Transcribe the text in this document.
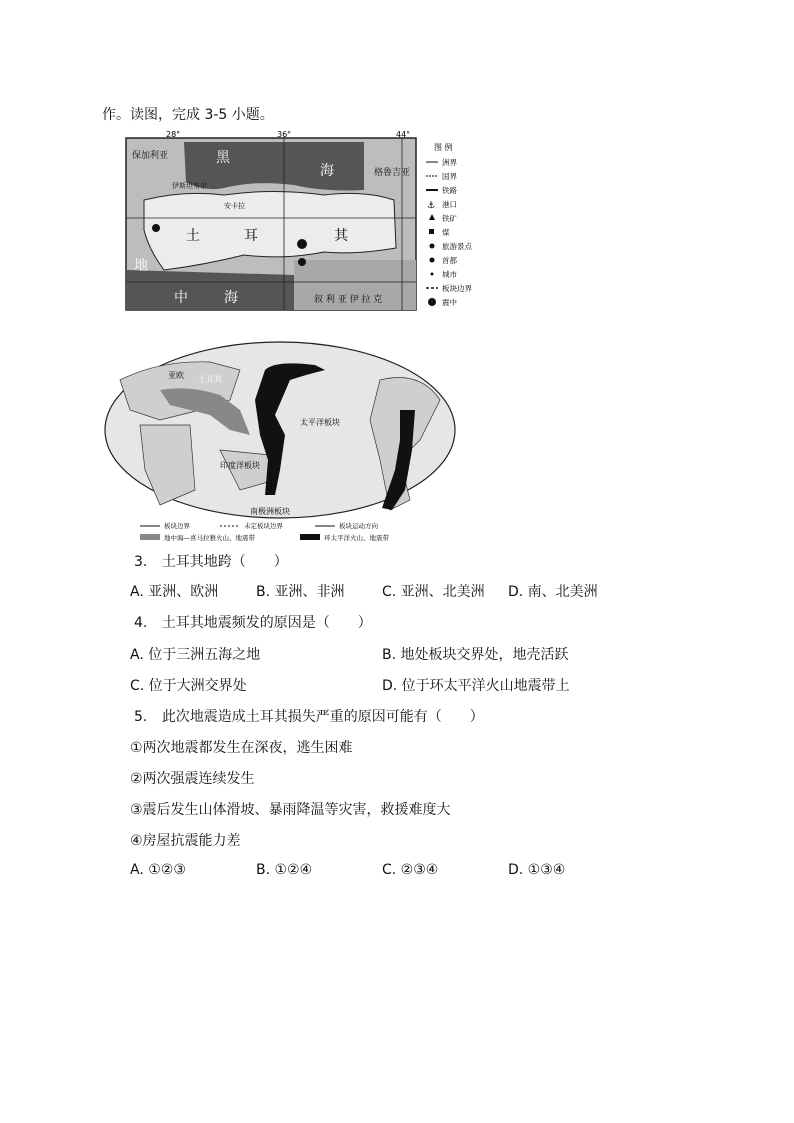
作。读图，完成 3-5 小题。
28°	36°	44°
保加利亚	黑
海	格鲁吉亚
土	耳	其
地
中	海	叙 利 亚 伊 拉 克
伊斯坦布尔
安卡拉
图 例
洲界
国界
铁路
港口
铁矿
煤
旅游景点
首都
城市
板块边界
震中
⚓
亚欧 土耳其
太平洋板块
印度洋板块
南极洲板块
板块边界	未定板块边界	板块运动方向
地中海—喜马拉雅火山、地震带	环太平洋火山、地震带
3. 土耳其地跨（　　）
A. 亚洲、欧洲	B. 亚洲、非洲	C. 亚洲、北美洲 D. 南、北美洲
4. 土耳其地震频发的原因是（　　）
A. 位于三洲五海之地	B. 地处板块交界处，地壳活跃
C. 位于大洲交界处	D. 位于环太平洋火山地震带上
5. 此次地震造成土耳其损失严重的原因可能有（　　）
①两次地震都发生在深夜，逃生困难
②两次强震连续发生
③震后发生山体滑坡、暴雨降温等灾害，救援难度大
④房屋抗震能力差
A. ①②③	B. ①②④	C. ②③④	D. ①③④
